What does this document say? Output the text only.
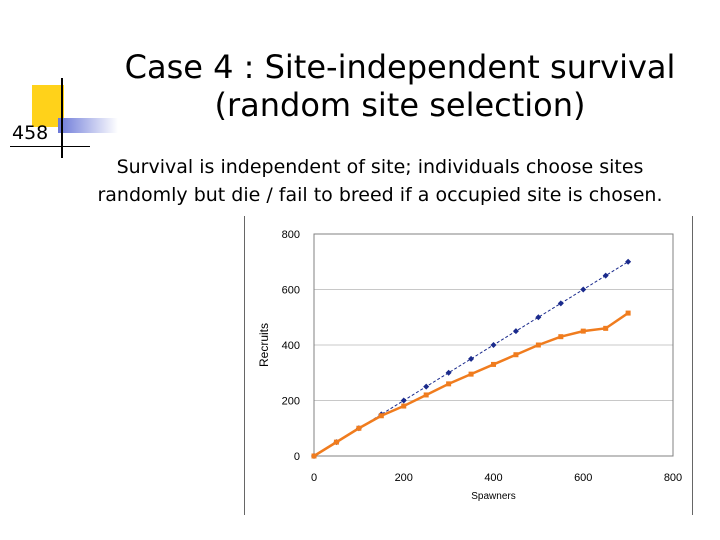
458
Case 4 : Site-independent survival
(random site selection)
Survival is independent of site; individuals choose sites
randomly but die / fail to breed if a occupied site is chosen.
0
200
400
600
800
0	200	400	600	800
Spawners
Recruits
